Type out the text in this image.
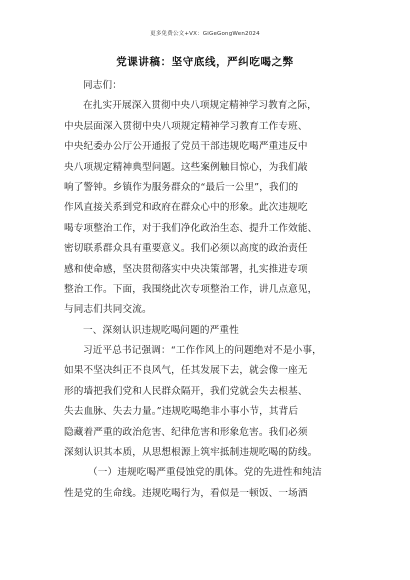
更多免费公文+VX：GiGeGongWen2024
党课讲稿：坚守底线，严纠吃喝之弊
同志们：
在扎实开展深入贯彻中央八项规定精神学习教育之际，
中央层面深入贯彻中央八项规定精神学习教育工作专班、
中央纪委办公厅公开通报了党员干部违规吃喝严重违反中
央八项规定精神典型问题。这些案例触目惊心，为我们敲
响了警钟。乡镇作为服务群众的“最后一公里”，我们的
作风直接关系到党和政府在群众心中的形象。此次违规吃
喝专项整治工作，对于我们净化政治生态、提升工作效能、
密切联系群众具有重要意义。我们必须以高度的政治责任
感和使命感，坚决贯彻落实中央决策部署，扎实推进专项
整治工作。下面，我围绕此次专项整治工作，讲几点意见，
与同志们共同交流。
一、深刻认识违规吃喝问题的严重性
习近平总书记强调：“工作作风上的问题绝对不是小事，
如果不坚决纠正不良风气，任其发展下去，就会像一座无
形的墙把我们党和人民群众隔开，我们党就会失去根基、
失去血脉、失去力量。”违规吃喝绝非小事小节，其背后
隐藏着严重的政治危害、纪律危害和形象危害。我们必须
深刻认识其本质，从思想根源上筑牢抵制违规吃喝的防线。
（一）违规吃喝严重侵蚀党的肌体。党的先进性和纯洁
性是党的生命线。违规吃喝行为，看似是一顿饭、一场酒
